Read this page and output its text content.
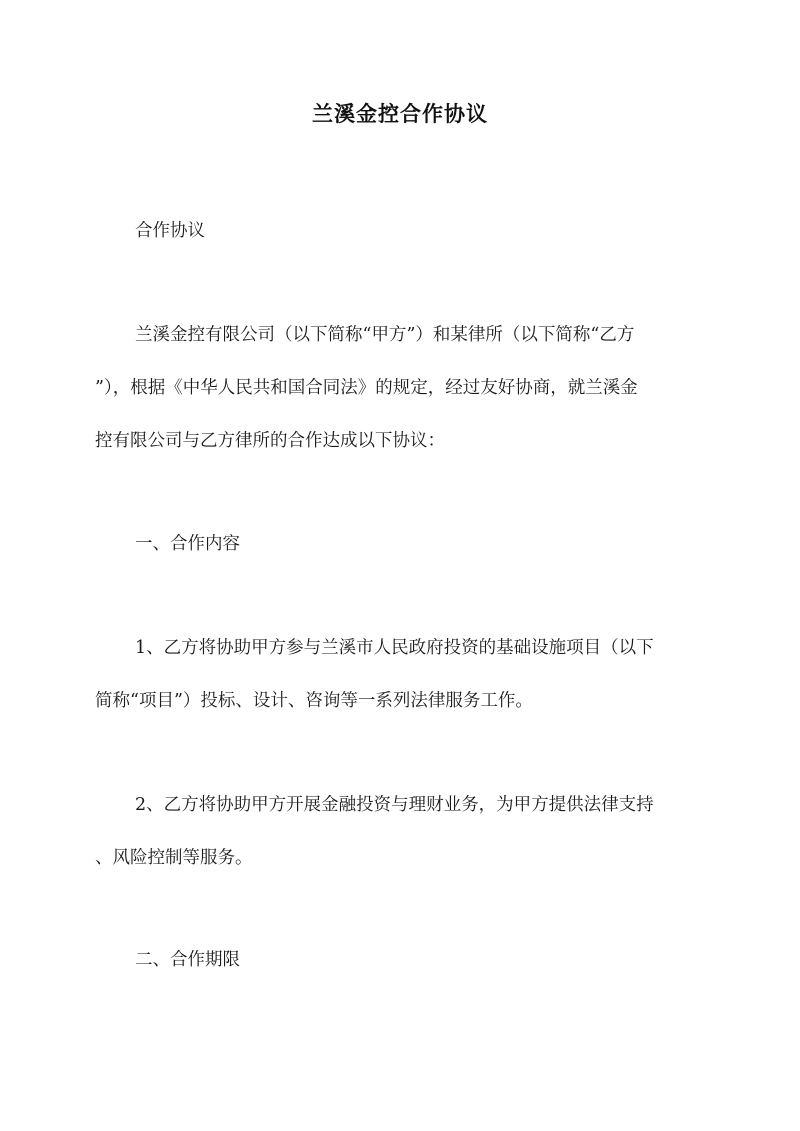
兰溪金控合作协议
合作协议
兰溪金控有限公司（以下简称“甲方”）和某律所（以下简称“乙方
”），根据《中华人民共和国合同法》的规定，经过友好协商，就兰溪金
控有限公司与乙方律所的合作达成以下协议：
一、合作内容
1、乙方将协助甲方参与兰溪市人民政府投资的基础设施项目（以下
简称“项目”）投标、设计、咨询等一系列法律服务工作。
2、乙方将协助甲方开展金融投资与理财业务，为甲方提供法律支持
、风险控制等服务。
二、合作期限
